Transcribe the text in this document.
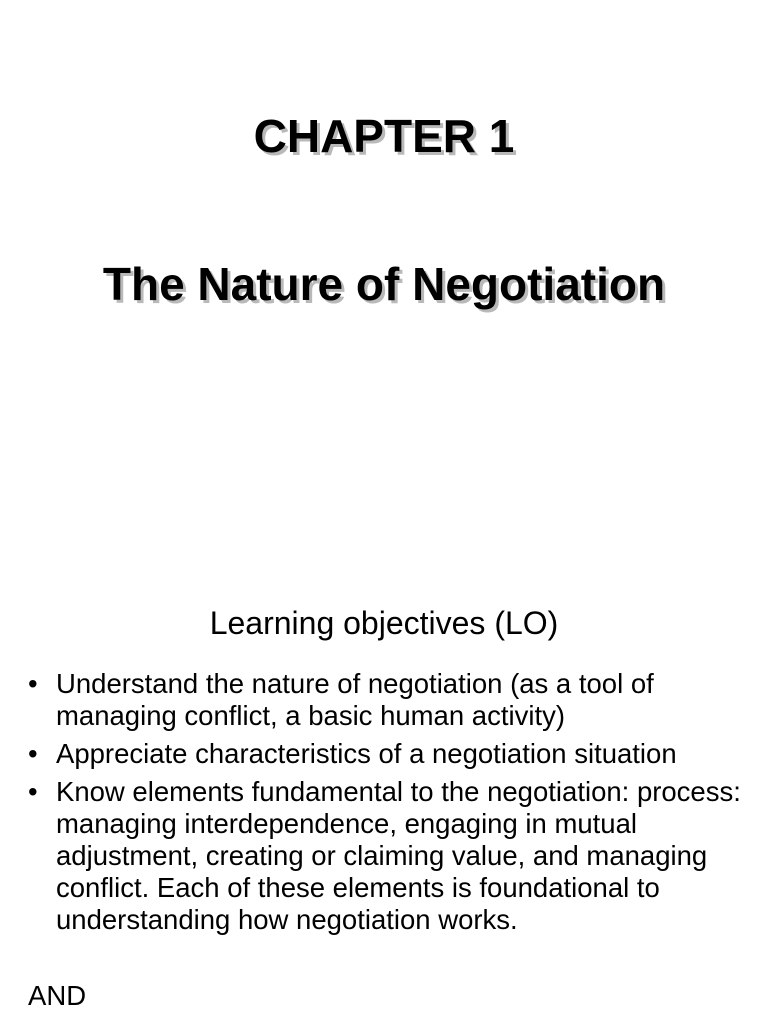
CHAPTER 1
The Nature of Negotiation
Learning objectives (LO)
• Understand the nature of negotiation (as a tool of managing conflict, a basic human activity)
• Appreciate characteristics of a negotiation situation
• Know elements fundamental to the negotiation: process: managing interdependence, engaging in mutual adjustment, creating or claiming value, and managing conflict. Each of these elements is foundational to understanding how negotiation works.
AND
